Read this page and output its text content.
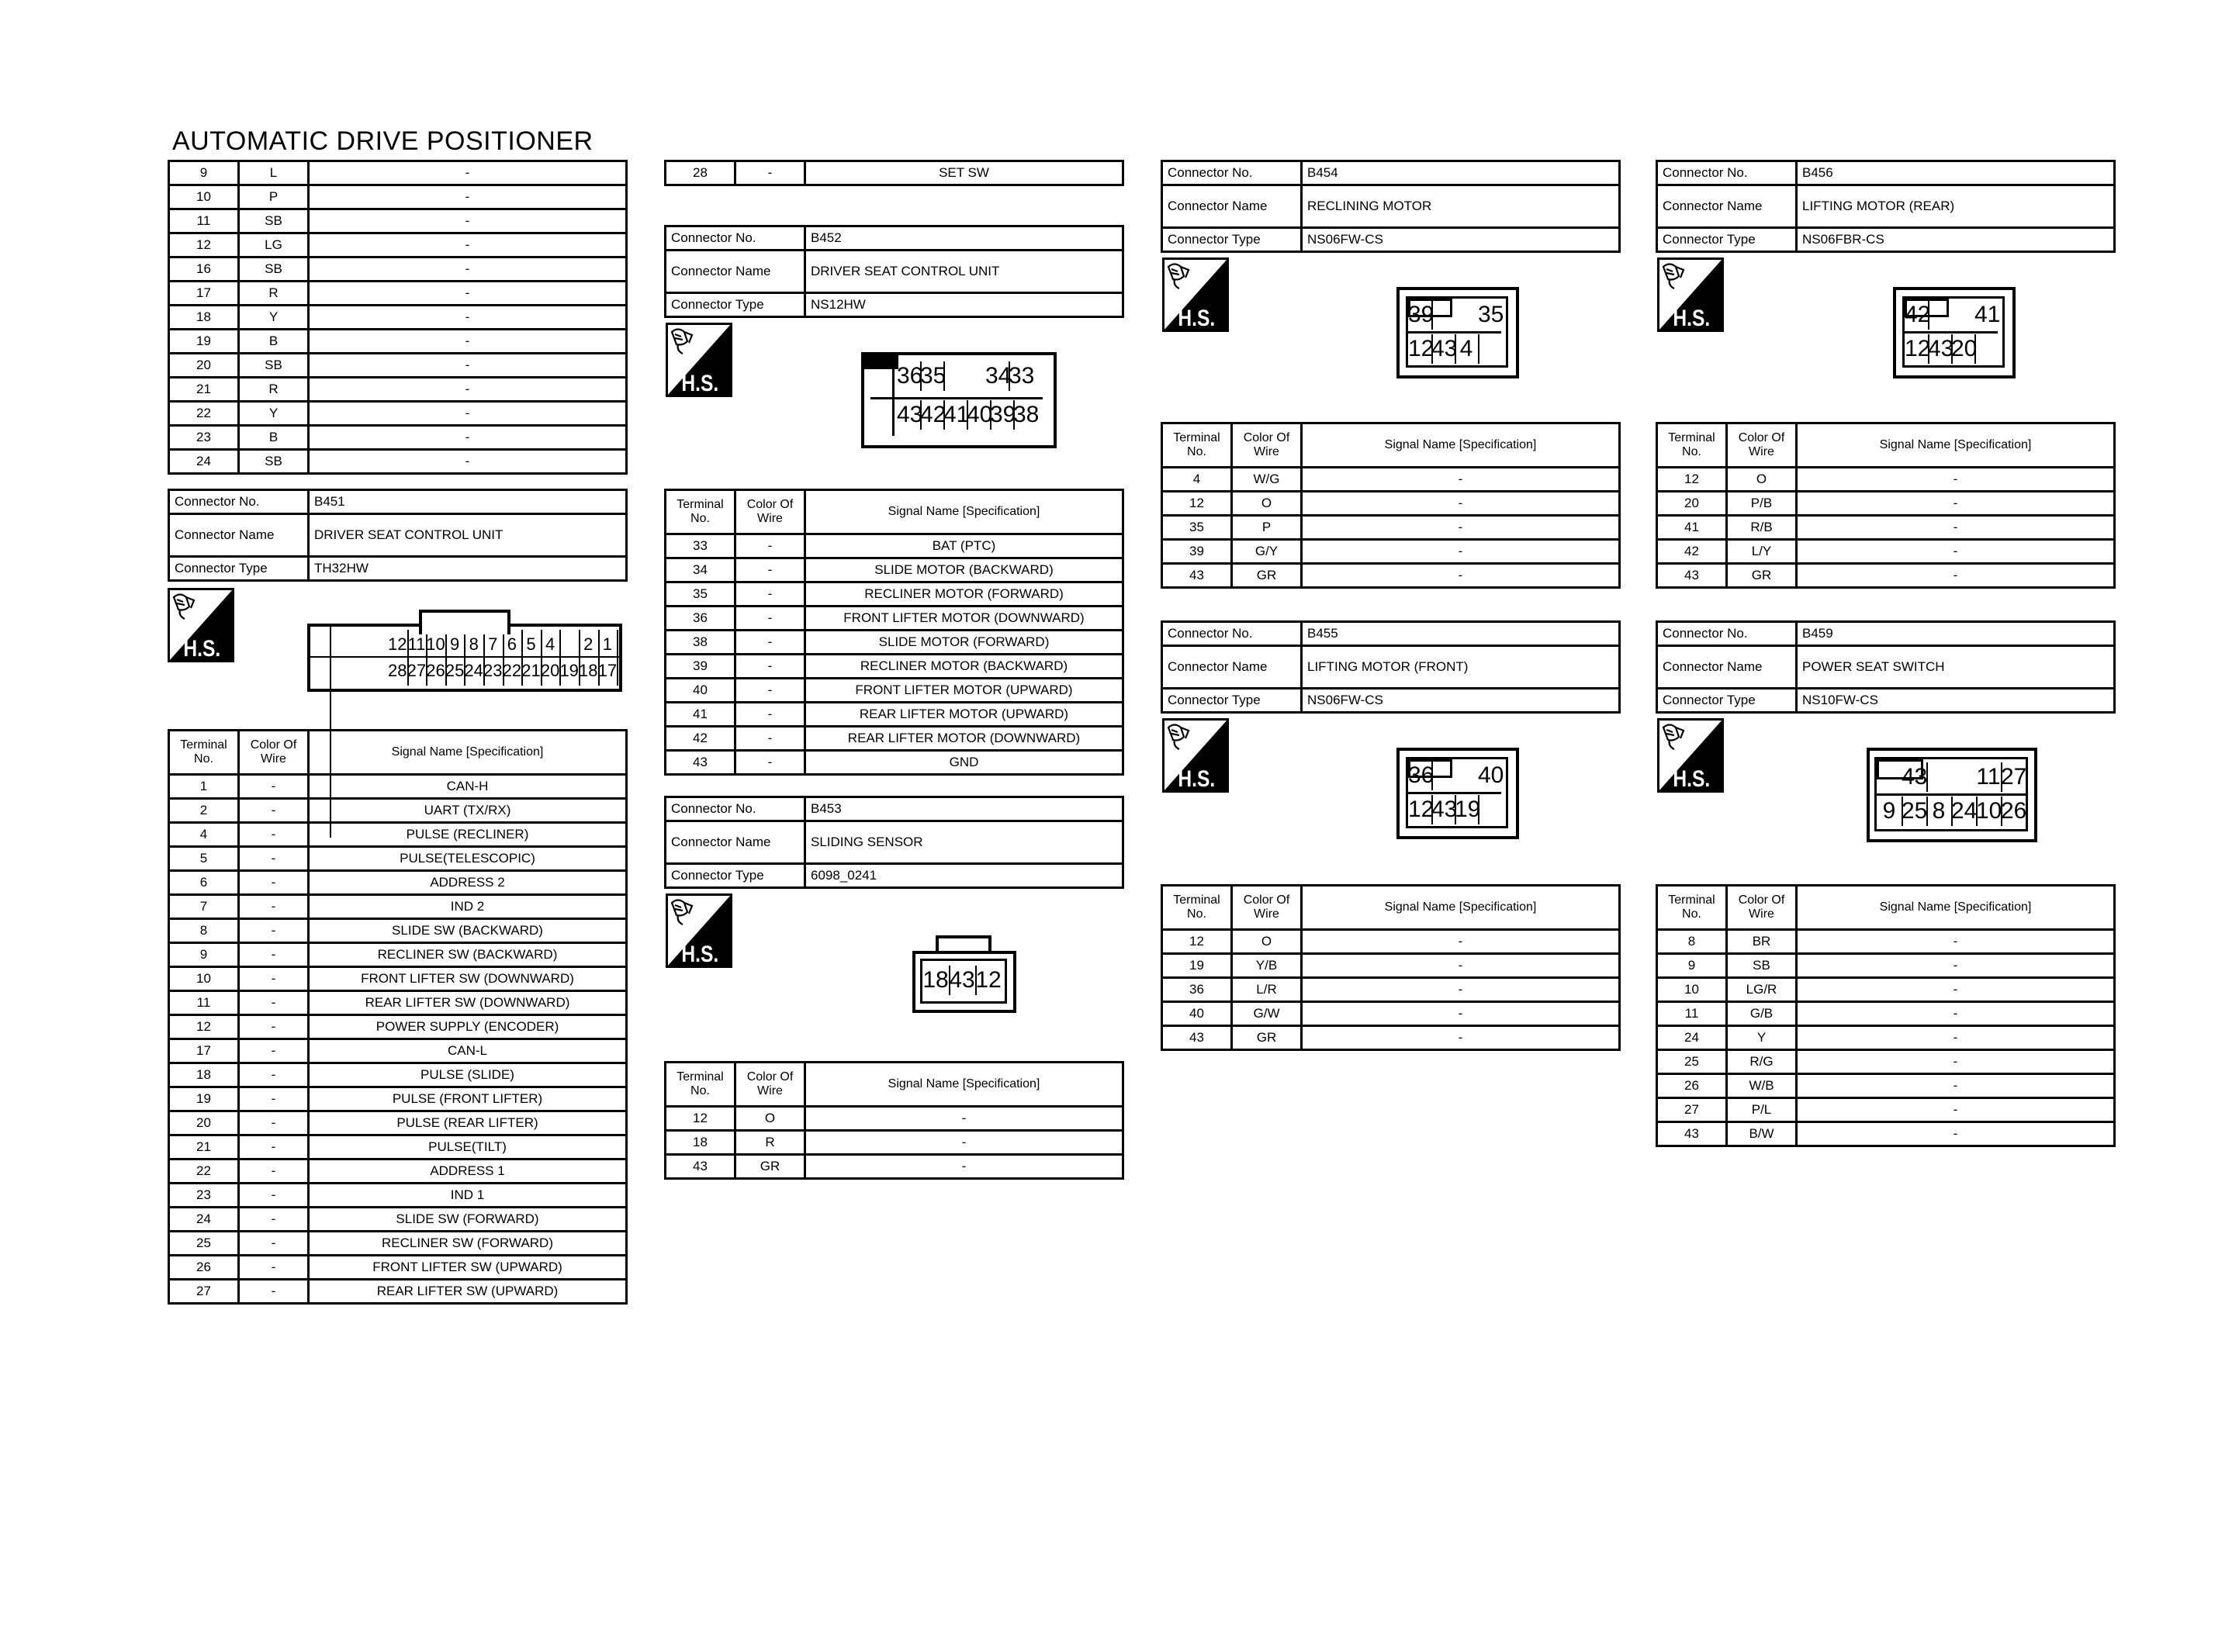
AUTOMATIC DRIVE POSITIONER
9	L	-
10	P	-
11	SB	-
12	LG	-
16	SB	-
17	R	-
18	Y	-
19	B	-
20	SB	-
21	R	-
22	Y	-
23	B	-
24	SB	-
Connector No.	B451
Connector Name	DRIVER SEAT CONTROL UNIT
Connector Type	TH32HW
H.S.	12
28
11
27
10
26
9
25
8
24
7
23
6
22
5
21
4
20 19
2
18
1
17
Terminal No.	Color Of Wire	Signal Name [Specification]
1	-	CAN-H
2	-	UART (TX/RX)
4	-	PULSE (RECLINER)
5	-	PULSE(TELESCOPIC)
6	-	ADDRESS 2
7	-	IND 2
8	-	SLIDE SW (BACKWARD)
9	-	RECLINER SW (BACKWARD)
10	-	FRONT LIFTER SW (DOWNWARD)
11	-	REAR LIFTER SW (DOWNWARD)
12	-	POWER SUPPLY (ENCODER)
17	-	CAN-L
18	-	PULSE (SLIDE)
19	-	PULSE (FRONT LIFTER)
20	-	PULSE (REAR LIFTER)
21	-	PULSE(TILT)
22	-	ADDRESS 1
23	-	IND 1
24	-	SLIDE SW (FORWARD)
25	-	RECLINER SW (FORWARD)
26	-	FRONT LIFTER SW (UPWARD)
27	-	REAR LIFTER SW (UPWARD)
28	-	SET SW
Connector No.	B452
Connector Name	DRIVER SEAT CONTROL UNIT
Connector Type	NS12HW
H.S.	36
35 34
33
43
42
41
40
39
38
Terminal No.	Color Of Wire	Signal Name [Specification]
33	-	BAT (PTC)
34	-	SLIDE MOTOR (BACKWARD)
35	-	RECLINER MOTOR (FORWARD)
36	-	FRONT LIFTER MOTOR (DOWNWARD)
38	-	SLIDE MOTOR (FORWARD)
39	-	RECLINER MOTOR (BACKWARD)
40	-	FRONT LIFTER MOTOR (UPWARD)
41	-	REAR LIFTER MOTOR (UPWARD)
42	-	REAR LIFTER MOTOR (DOWNWARD)
43	-	GND
Connector No.	B453
Connector Name	SLIDING SENSOR
Connector Type	6098_0241
H.S.
18 43 12
Terminal No.	Color Of Wire	Signal Name [Specification]
12	O	-
18	R	-
43	GR	-
Connector No.	B454
Connector Name	RECLINING MOTOR
Connector Type	NS06FW-CS
H.S.	39 35
12
43 4
Terminal No.	Color Of Wire	Signal Name [Specification]
4	W/G	-
12	O	-
35	P	-
39	G/Y	-
43	GR	-
Connector No.	B455
Connector Name	LIFTING MOTOR (FRONT)
Connector Type	NS06FW-CS
H.S.	36 40
12
43
19
Terminal No.	Color Of Wire	Signal Name [Specification]
12	O	-
19	Y/B	-
36	L/R	-
40	G/W	-
43	GR	-
Connector No.	B456
Connector Name	LIFTING MOTOR (REAR)
Connector Type	NS06FBR-CS
H.S.	42 41
12
43
20
Terminal No.	Color Of Wire	Signal Name [Specification]
12	O	-
20	P/B	-
41	R/B	-
42	L/Y	-
43	GR	-
Connector No.	B459
Connector Name	POWER SEAT SWITCH
Connector Type	NS10FW-CS
H.S.	43 11 27
9 25 8 24
10
26
Terminal No.	Color Of Wire	Signal Name [Specification]
8	BR	-
9	SB	-
10	LG/R	-
11	G/B	-
24	Y	-
25	R/G	-
26	W/B	-
27	P/L	-
43	B/W	-
